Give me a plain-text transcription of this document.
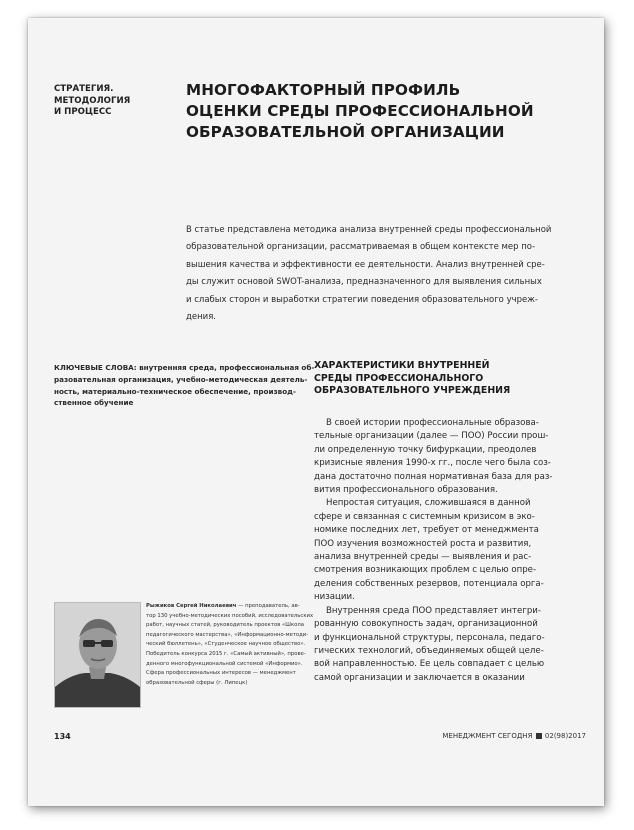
СТРАТЕГИЯ.
МЕТОДОЛОГИЯ
И ПРОЦЕСС
МНОГОФАКТОРНЫЙ ПРОФИЛЬ
ОЦЕНКИ СРЕДЫ ПРОФЕССИОНАЛЬНОЙ
ОБРАЗОВАТЕЛЬНОЙ ОРГАНИЗАЦИИ
В статье представлена методика анализа внутренней среды профессиональной
образовательной организации, рассматриваемая в общем контексте мер по-
вышения качества и эффективности ее деятельности. Анализ внутренней сре-
ды служит основой SWOT-анализа, предназначенного для выявления сильных
и слабых сторон и выработки стратегии поведения образовательного учреж-
дения.
КЛЮЧЕВЫЕ СЛОВА: внутренняя среда, профессиональная об-
разовательная организация, учебно-методическая деятель-
ность, материально-техническое обеспечение, производ-
ственное обучение
ХАРАКТЕРИСТИКИ ВНУТРЕННЕЙ
СРЕДЫ ПРОФЕССИОНАЛЬНОГО
ОБРАЗОВАТЕЛЬНОГО УЧРЕЖДЕНИЯ
В своей истории профессиональные образова-
тельные организации (далее — ПОО) России прош-
ли определенную точку бифуркации, преодолев
кризисные явления 1990-х гг., после чего была соз-
дана достаточно полная нормативная база для раз-
вития профессионального образования.
Непростая ситуация, сложившаяся в данной
сфере и связанная с системным кризисом в эко-
номике последних лет, требует от менеджмента
ПОО изучения возможностей роста и развития,
анализа внутренней среды — выявления и рас-
смотрения возникающих проблем с целью опре-
деления собственных резервов, потенциала орга-
низации.
Внутренняя среда ПОО представляет интегри-
рованную совокупность задач, организационной
и функциональной структуры, персонала, педаго-
гических технологий, объединяемых общей целе-
вой направленностью. Ее цель совпадает с целью
самой организации и заключается в оказании
Рыжиков Сергей Николаевич — преподаватель, ав-
тор 130 учебно-методических пособий, исследовательских
работ, научных статей, руководитель проектов «Школа
педагогического мастерства», «Информационно-методи-
ческий бюллетень», «Студенческое научное общество».
Победитель конкурса 2015 г. «Самый активный», прове-
денного многофункциональной системой «Информио».
Сфера профессиональных интересов — менеджмент
образовательной сферы (г. Липецк)
134	МЕНЕДЖМЕНТ СЕГОДНЯ 02(98)2017
